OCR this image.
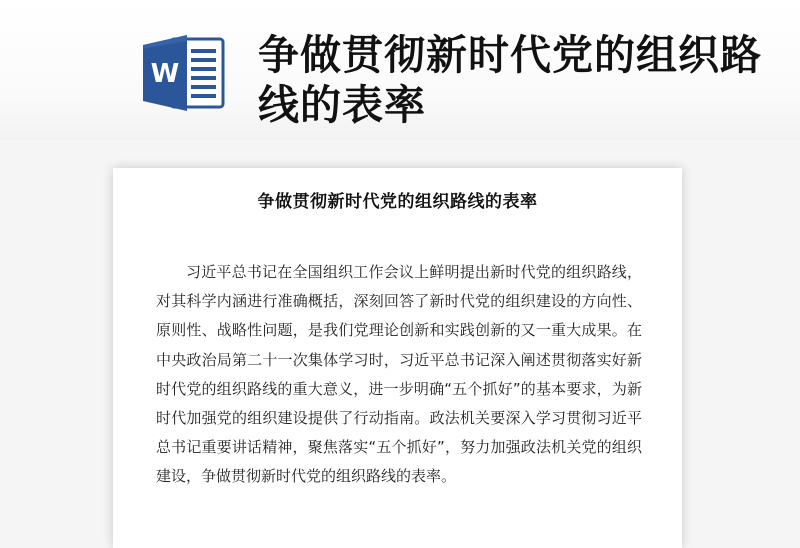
W 争做贯彻新时代党的组织路线的表率
争做贯彻新时代党的组织路线的表率

习近平总书记在全国组织工作会议上鲜明提出新时代党的组织路线，对其科学内涵进行准确概括，深刻回答了新时代党的组织建设的方向性、原则性、战略性问题，是我们党理论创新和实践创新的又一重大成果。在中央政治局第二十一次集体学习时，习近平总书记深入阐述贯彻落实好新时代党的组织路线的重大意义，进一步明确“五个抓好”的基本要求，为新时代加强党的组织建设提供了行动指南。政法机关要深入学习贯彻习近平总书记重要讲话精神，聚焦落实“五个抓好”，努力加强政法机关党的组织建设，争做贯彻新时代党的组织路线的表率。
